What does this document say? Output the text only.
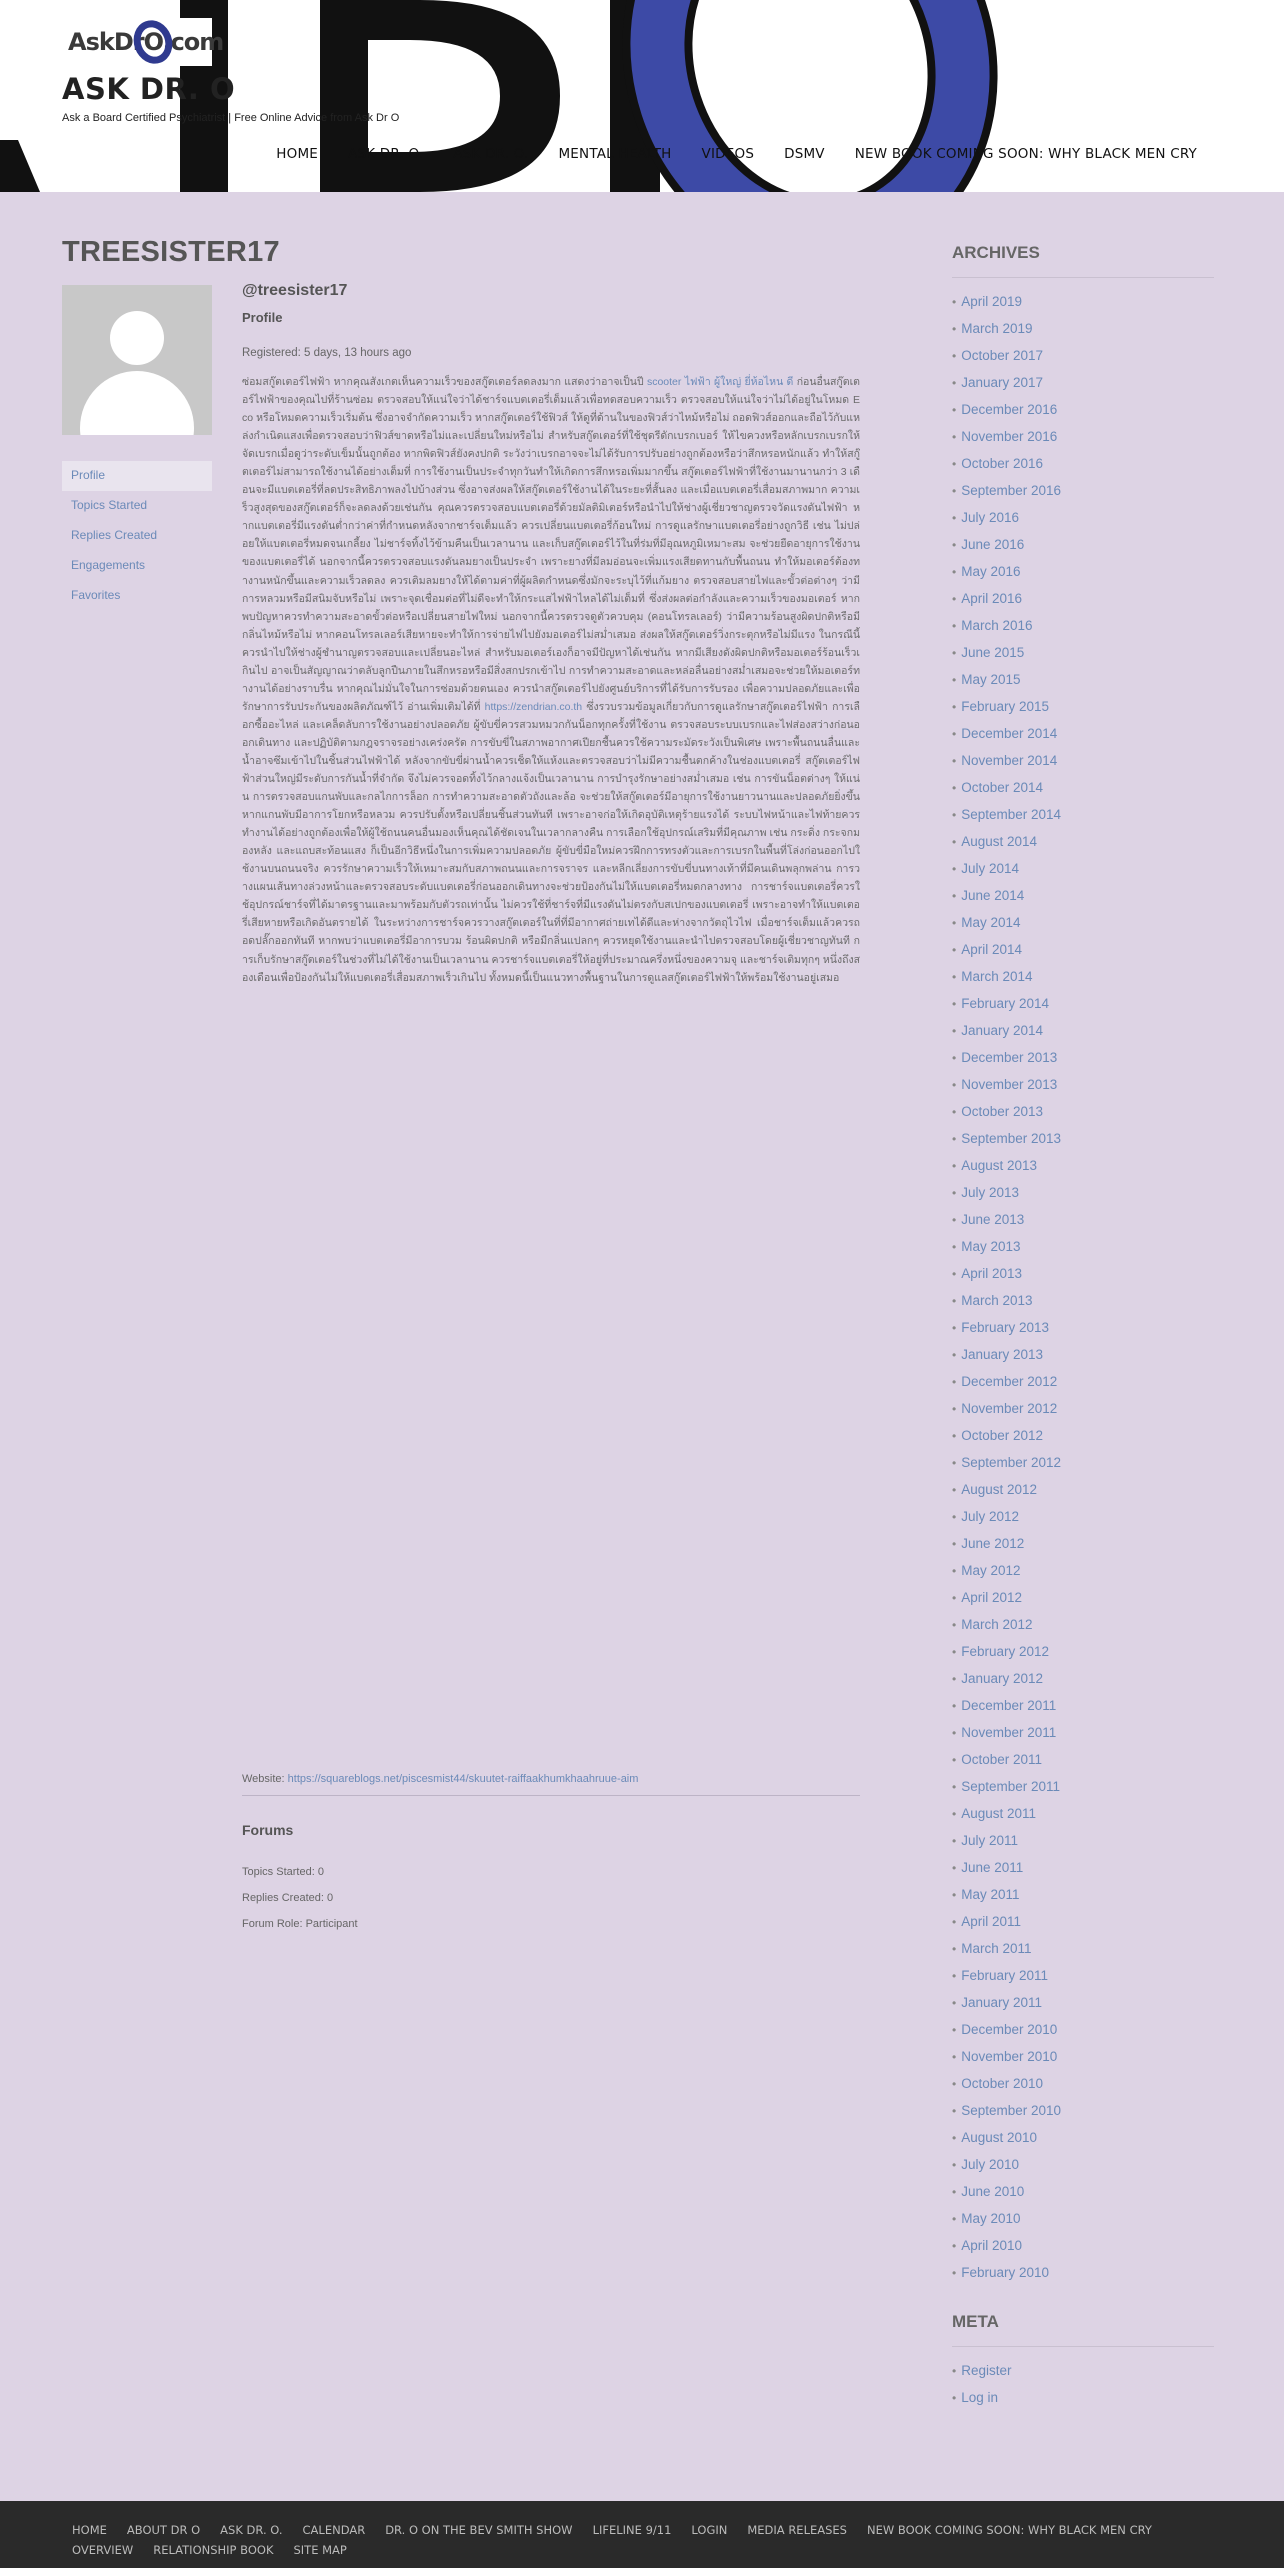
AskDrO.com
ASK DR. O
Ask a Board Certified Psychiatrist | Free Online Advice from Ask Dr O
HOME	ASK DR. O.	ASK DR. O.	MENTAL HEALTH	VIDEOS	DSMV	NEW BOOK COMING SOON: WHY BLACK MEN CRY
TREESISTER17
Profile
Topics Started
Replies Created
Engagements
Favorites
@treesister17
Profile
Registered: 5 days, 13 hours ago
ซ่อมสกู๊ตเตอร์ไฟฟ้า หากคุณสังเกตเห็นความเร็วของสกู๊ตเตอร์ลดลงมาก แสดงว่าอาจเป็นปี scooter ไฟฟ้า ผู้ใหญ่ ยี่ห้อไหน ดี ก่อนอื่นสกู๊ตเตอร์ไฟฟ้าของคุณไปที่ร้านซ่อม ตรวจสอบให้แน่ใจว่าได้ชาร์จแบตเตอรี่เต็มแล้วเพื่อทดสอบความเร็ว ตรวจสอบให้แน่ใจว่าไม่ได้อยู่ในโหมด Eco หรือโหมดความเร็วเริ่มต้น ซึ่งอาจจำกัดความเร็ว หากสกู๊ตเตอร์ใช้ฟิวส์ ให้ดูที่ด้านในของฟิวส์ว่าไหม้หรือไม่ ถอดฟิวส์ออกและถือไว้กับแหล่งกำเนิดแสงเพื่อตรวจสอบว่าฟิวส์ขาดหรือไม่และเปลี่ยนใหม่หรือไม่ สำหรับสกู๊ตเตอร์ที่ใช้ชุดรีดักเบรกเบอร์ ให้ไขควงหรือหลักเบรกเบรกให้จัดเบรกเมื่อดูว่าระดับเข็มนั้นถูกต้อง หากพิดฟิวส์ยังคงปกติ ระวังว่าเบรกอาจจะไม่ได้รับการปรับอย่างถูกต้องหรือว่าสึกหรอหนักแล้ว ทำให้สกู๊ตเตอร์ไม่สามารถใช้งานได้อย่างเต็มที่ การใช้งานเป็นประจำทุกวันทำให้เกิดการสึกหรอเพิ่มมากขึ้น สกู๊ตเตอร์ไฟฟ้าที่ใช้งานมานานกว่า 3 เดือนจะมีแบตเตอรี่ที่ลดประสิทธิภาพลงไปบ้างส่วน ซึ่งอาจส่งผลให้สกู๊ตเตอร์ใช้งานได้ในระยะที่สั้นลง และเมื่อแบตเตอรี่เสื่อมสภาพมาก ความเร็วสูงสุดของสกู๊ตเตอร์ก็จะลดลงด้วยเช่นกัน คุณควรตรวจสอบแบตเตอรี่ด้วยมัลติมิเตอร์หรือนำไปให้ช่างผู้เชี่ยวชาญตรวจวัดแรงดันไฟฟ้า หากแบตเตอรี่มีแรงดันต่ำกว่าค่าที่กำหนดหลังจากชาร์จเต็มแล้ว ควรเปลี่ยนแบตเตอรี่ก้อนใหม่ การดูแลรักษาแบตเตอรี่อย่างถูกวิธี เช่น ไม่ปล่อยให้แบตเตอรี่หมดจนเกลี้ยง ไม่ชาร์จทิ้งไว้ข้ามคืนเป็นเวลานาน และเก็บสกู๊ตเตอร์ไว้ในที่ร่มที่มีอุณหภูมิเหมาะสม จะช่วยยืดอายุการใช้งานของแบตเตอรี่ได้ นอกจากนี้ควรตรวจสอบแรงดันลมยางเป็นประจำ เพราะยางที่มีลมอ่อนจะเพิ่มแรงเสียดทานกับพื้นถนน ทำให้มอเตอร์ต้องทำงานหนักขึ้นและความเร็วลดลง ควรเติมลมยางให้ได้ตามค่าที่ผู้ผลิตกำหนดซึ่งมักจะระบุไว้ที่แก้มยาง ตรวจสอบสายไฟและขั้วต่อต่างๆ ว่ามีการหลวมหรือมีสนิมจับหรือไม่ เพราะจุดเชื่อมต่อที่ไม่ดีจะทำให้กระแสไฟฟ้าไหลได้ไม่เต็มที่ ซึ่งส่งผลต่อกำลังและความเร็วของมอเตอร์ หากพบปัญหาควรทำความสะอาดขั้วต่อหรือเปลี่ยนสายไฟใหม่ นอกจากนี้ควรตรวจดูตัวควบคุม (คอนโทรลเลอร์) ว่ามีความร้อนสูงผิดปกติหรือมีกลิ่นไหม้หรือไม่ หากคอนโทรลเลอร์เสียหายจะทำให้การจ่ายไฟไปยังมอเตอร์ไม่สม่ำเสมอ ส่งผลให้สกู๊ตเตอร์วิ่งกระตุกหรือไม่มีแรง ในกรณีนี้ควรนำไปให้ช่างผู้ชำนาญตรวจสอบและเปลี่ยนอะไหล่ สำหรับมอเตอร์เองก็อาจมีปัญหาได้เช่นกัน หากมีเสียงดังผิดปกติหรือมอเตอร์ร้อนเร็วเกินไป อาจเป็นสัญญาณว่าตลับลูกปืนภายในสึกหรอหรือมีสิ่งสกปรกเข้าไป การทำความสะอาดและหล่อลื่นอย่างสม่ำเสมอจะช่วยให้มอเตอร์ทำงานได้อย่างราบรื่น หากคุณไม่มั่นใจในการซ่อมด้วยตนเอง ควรนำสกู๊ตเตอร์ไปยังศูนย์บริการที่ได้รับการรับรอง เพื่อความปลอดภัยและเพื่อรักษาการรับประกันของผลิตภัณฑ์ไว้ อ่านเพิ่มเติมได้ที่ https://zendrian.co.th ซึ่งรวบรวมข้อมูลเกี่ยวกับการดูแลรักษาสกู๊ตเตอร์ไฟฟ้า การเลือกซื้ออะไหล่ และเคล็ดลับการใช้งานอย่างปลอดภัย ผู้ขับขี่ควรสวมหมวกกันน็อกทุกครั้งที่ใช้งาน ตรวจสอบระบบเบรกและไฟส่องสว่างก่อนออกเดินทาง และปฏิบัติตามกฎจราจรอย่างเคร่งครัด การขับขี่ในสภาพอากาศเปียกชื้นควรใช้ความระมัดระวังเป็นพิเศษ เพราะพื้นถนนลื่นและน้ำอาจซึมเข้าไปในชิ้นส่วนไฟฟ้าได้ หลังจากขับขี่ผ่านน้ำควรเช็ดให้แห้งและตรวจสอบว่าไม่มีความชื้นตกค้างในช่องแบตเตอรี่ สกู๊ตเตอร์ไฟฟ้าส่วนใหญ่มีระดับการกันน้ำที่จำกัด จึงไม่ควรจอดทิ้งไว้กลางแจ้งเป็นเวลานาน การบำรุงรักษาอย่างสม่ำเสมอ เช่น การขันน็อตต่างๆ ให้แน่น การตรวจสอบแกนพับและกลไกการล็อก การทำความสะอาดตัวถังและล้อ จะช่วยให้สกู๊ตเตอร์มีอายุการใช้งานยาวนานและปลอดภัยยิ่งขึ้น หากแกนพับมีอาการโยกหรือหลวม ควรปรับตั้งหรือเปลี่ยนชิ้นส่วนทันที เพราะอาจก่อให้เกิดอุบัติเหตุร้ายแรงได้ ระบบไฟหน้าและไฟท้ายควรทำงานได้อย่างถูกต้องเพื่อให้ผู้ใช้ถนนคนอื่นมองเห็นคุณได้ชัดเจนในเวลากลางคืน การเลือกใช้อุปกรณ์เสริมที่มีคุณภาพ เช่น กระดิ่ง กระจกมองหลัง และแถบสะท้อนแสง ก็เป็นอีกวิธีหนึ่งในการเพิ่มความปลอดภัย ผู้ขับขี่มือใหม่ควรฝึกการทรงตัวและการเบรกในพื้นที่โล่งก่อนออกไปใช้งานบนถนนจริง ควรรักษาความเร็วให้เหมาะสมกับสภาพถนนและการจราจร และหลีกเลี่ยงการขับขี่บนทางเท้าที่มีคนเดินพลุกพล่าน การวางแผนเส้นทางล่วงหน้าและตรวจสอบระดับแบตเตอรี่ก่อนออกเดินทางจะช่วยป้องกันไม่ให้แบตเตอรี่หมดกลางทาง การชาร์จแบตเตอรี่ควรใช้อุปกรณ์ชาร์จที่ได้มาตรฐานและมาพร้อมกับตัวรถเท่านั้น ไม่ควรใช้ที่ชาร์จที่มีแรงดันไม่ตรงกับสเปกของแบตเตอรี่ เพราะอาจทำให้แบตเตอรี่เสียหายหรือเกิดอันตรายได้ ในระหว่างการชาร์จควรวางสกู๊ตเตอร์ในที่ที่มีอากาศถ่ายเทได้ดีและห่างจากวัตถุไวไฟ เมื่อชาร์จเต็มแล้วควรถอดปลั๊กออกทันที หากพบว่าแบตเตอรี่มีอาการบวม ร้อนผิดปกติ หรือมีกลิ่นแปลกๆ ควรหยุดใช้งานและนำไปตรวจสอบโดยผู้เชี่ยวชาญทันที การเก็บรักษาสกู๊ตเตอร์ในช่วงที่ไม่ได้ใช้งานเป็นเวลานาน ควรชาร์จแบตเตอรี่ให้อยู่ที่ประมาณครึ่งหนึ่งของความจุ และชาร์จเติมทุกๆ หนึ่งถึงสองเดือนเพื่อป้องกันไม่ให้แบตเตอรี่เสื่อมสภาพเร็วเกินไป ทั้งหมดนี้เป็นแนวทางพื้นฐานในการดูแลสกู๊ตเตอร์ไฟฟ้าให้พร้อมใช้งานอยู่เสมอ
Website: https://squareblogs.net/piscesmist44/skuutet-raiffaakhumkhaahruue-aim
Forums
Topics Started: 0
Replies Created: 0
Forum Role: Participant
ARCHIVES
• April 2019
• March 2019
• October 2017
• January 2017
• December 2016
• November 2016
• October 2016
• September 2016
• July 2016
• June 2016
• May 2016
• April 2016
• March 2016
• June 2015
• May 2015
• February 2015
• December 2014
• November 2014
• October 2014
• September 2014
• August 2014
• July 2014
• June 2014
• May 2014
• April 2014
• March 2014
• February 2014
• January 2014
• December 2013
• November 2013
• October 2013
• September 2013
• August 2013
• July 2013
• June 2013
• May 2013
• April 2013
• March 2013
• February 2013
• January 2013
• December 2012
• November 2012
• October 2012
• September 2012
• August 2012
• July 2012
• June 2012
• May 2012
• April 2012
• March 2012
• February 2012
• January 2012
• December 2011
• November 2011
• October 2011
• September 2011
• August 2011
• July 2011
• June 2011
• May 2011
• April 2011
• March 2011
• February 2011
• January 2011
• December 2010
• November 2010
• October 2010
• September 2010
• August 2010
• July 2010
• June 2010
• May 2010
• April 2010
• February 2010
META
• Register
• Log in
HOME ABOUT DR O ASK DR. O. CALENDAR DR. O ON THE BEV SMITH SHOW LIFELINE 9/11 LOGIN MEDIA RELEASES NEW BOOK COMING SOON: WHY BLACK MEN CRY
OVERVIEW RELATIONSHIP BOOK SITE MAP
